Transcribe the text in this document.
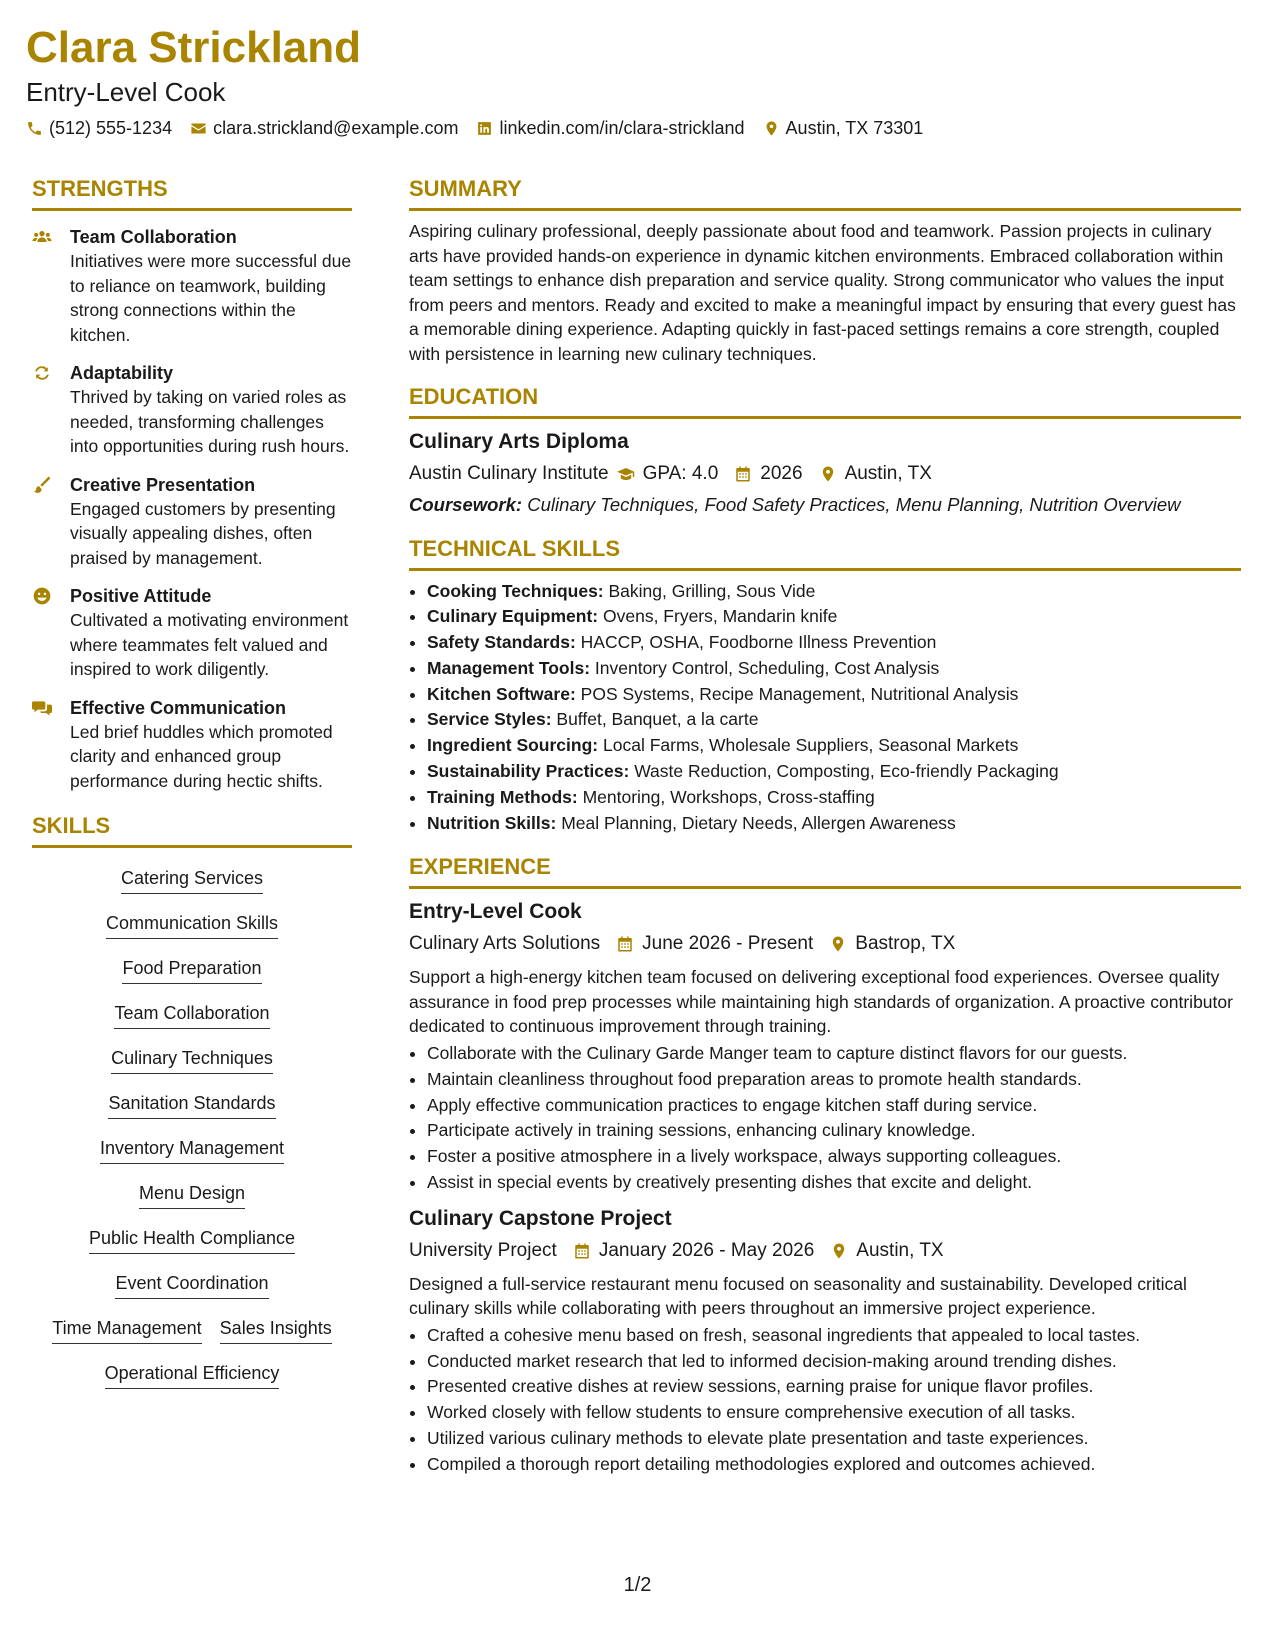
Clara Strickland
Entry-Level Cook
(512) 555-1234 clara.strickland@example.com linkedin.com/in/clara-strickland Austin, TX 73301
STRENGTHS
Team Collaboration
Initiatives were more successful due to reliance on teamwork, building strong connections within the kitchen.
Adaptability
Thrived by taking on varied roles as needed, transforming challenges into opportunities during rush hours.
Creative Presentation
Engaged customers by presenting visually appealing dishes, often praised by management.
Positive Attitude
Cultivated a motivating environment where teammates felt valued and inspired to work diligently.
Effective Communication
Led brief huddles which promoted clarity and enhanced group performance during hectic shifts.
SKILLS
Catering Services
Communication Skills
Food Preparation
Team Collaboration
Culinary Techniques
Sanitation Standards
Inventory Management
Menu Design
Public Health Compliance
Event Coordination
Time Management Sales Insights
Operational Efficiency
SUMMARY

Aspiring culinary professional, deeply passionate about food and teamwork. Passion projects in culinary arts have provided hands-on experience in dynamic kitchen environments. Embraced collaboration within team settings to enhance dish preparation and service quality. Strong communicator who values the input from peers and mentors. Ready and excited to make a meaningful impact by ensuring that every guest has a memorable dining experience. Adapting quickly in fast-paced settings remains a core strength, coupled with persistence in learning new culinary techniques.

EDUCATION
Culinary Arts Diploma
Austin Culinary Institute GPA: 4.0 2026 Austin, TX
Coursework: Culinary Techniques, Food Safety Practices, Menu Planning, Nutrition Overview
TECHNICAL SKILLS
• Cooking Techniques: Baking, Grilling, Sous Vide
• Culinary Equipment: Ovens, Fryers, Mandarin knife
• Safety Standards: HACCP, OSHA, Foodborne Illness Prevention
• Management Tools: Inventory Control, Scheduling, Cost Analysis
• Kitchen Software: POS Systems, Recipe Management, Nutritional Analysis
• Service Styles: Buffet, Banquet, a la carte
• Ingredient Sourcing: Local Farms, Wholesale Suppliers, Seasonal Markets
• Sustainability Practices: Waste Reduction, Composting, Eco-friendly Packaging
• Training Methods: Mentoring, Workshops, Cross-staffing
• Nutrition Skills: Meal Planning, Dietary Needs, Allergen Awareness
EXPERIENCE
Entry-Level Cook
Culinary Arts Solutions June 2026 - Present Bastrop, TX

Support a high-energy kitchen team focused on delivering exceptional food experiences. Oversee quality assurance in food prep processes while maintaining high standards of organization. A proactive contributor dedicated to continuous improvement through training.

• Collaborate with the Culinary Garde Manger team to capture distinct flavors for our guests.
• Maintain cleanliness throughout food preparation areas to promote health standards.
• Apply effective communication practices to engage kitchen staff during service.
• Participate actively in training sessions, enhancing culinary knowledge.
• Foster a positive atmosphere in a lively workspace, always supporting colleagues.
• Assist in special events by creatively presenting dishes that excite and delight.
Culinary Capstone Project
University Project January 2026 - May 2026 Austin, TX

Designed a full-service restaurant menu focused on seasonality and sustainability. Developed critical culinary skills while collaborating with peers throughout an immersive project experience.

• Crafted a cohesive menu based on fresh, seasonal ingredients that appealed to local tastes.
• Conducted market research that led to informed decision-making around trending dishes.
• Presented creative dishes at review sessions, earning praise for unique flavor profiles.
• Worked closely with fellow students to ensure comprehensive execution of all tasks.
• Utilized various culinary methods to elevate plate presentation and taste experiences.
• Compiled a thorough report detailing methodologies explored and outcomes achieved.
1/2
